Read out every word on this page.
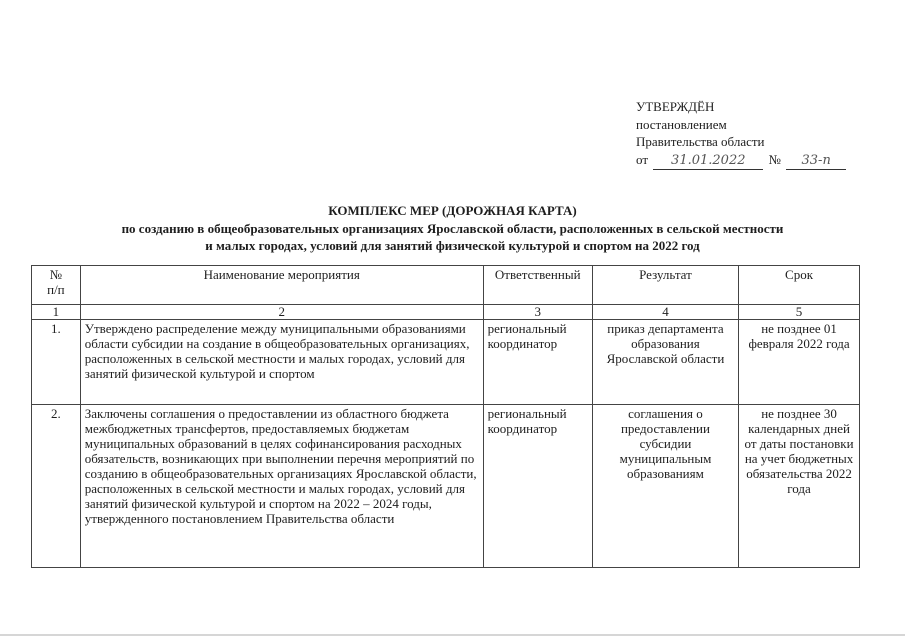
УТВЕРЖДЁН
постановлением
Правительства области
от 31.01.2022 № 33-п
КОМПЛЕКС МЕР (ДОРОЖНАЯ КАРТА)
по созданию в общеобразовательных организациях Ярославской области, расположенных в сельской местности
и малых городах, условий для занятий физической культурой и спортом на 2022 год
№
п/п	Наименование мероприятия	Ответственный	Результат	Срок
1	2	3	4	5
1.	Утверждено распределение между муниципальными образованиями области субсидии на создание в общеобразовательных организациях, расположенных в сельской местности и малых городах, условий для занятий физической культурой и спортом	региональный координатор	приказ департамента образования Ярославской области	не позднее 01 февраля 2022 года
2.	Заключены соглашения о предоставлении из областного бюджета межбюджетных трансфертов, предоставляемых бюджетам муниципальных образований в целях софинансирования расходных обязательств, возникающих при выполнении перечня мероприятий по созданию в общеобразовательных организациях Ярославской области, расположенных в сельской местности и малых городах, условий для занятий физической культурой и спортом на 2022 – 2024 годы, утвержденного постановлением Правительства области	региональный координатор	соглашения о предоставлении субсидии муниципальным образованиям	не позднее 30 календарных дней от даты постановки на учет бюджетных обязательства 2022 года
